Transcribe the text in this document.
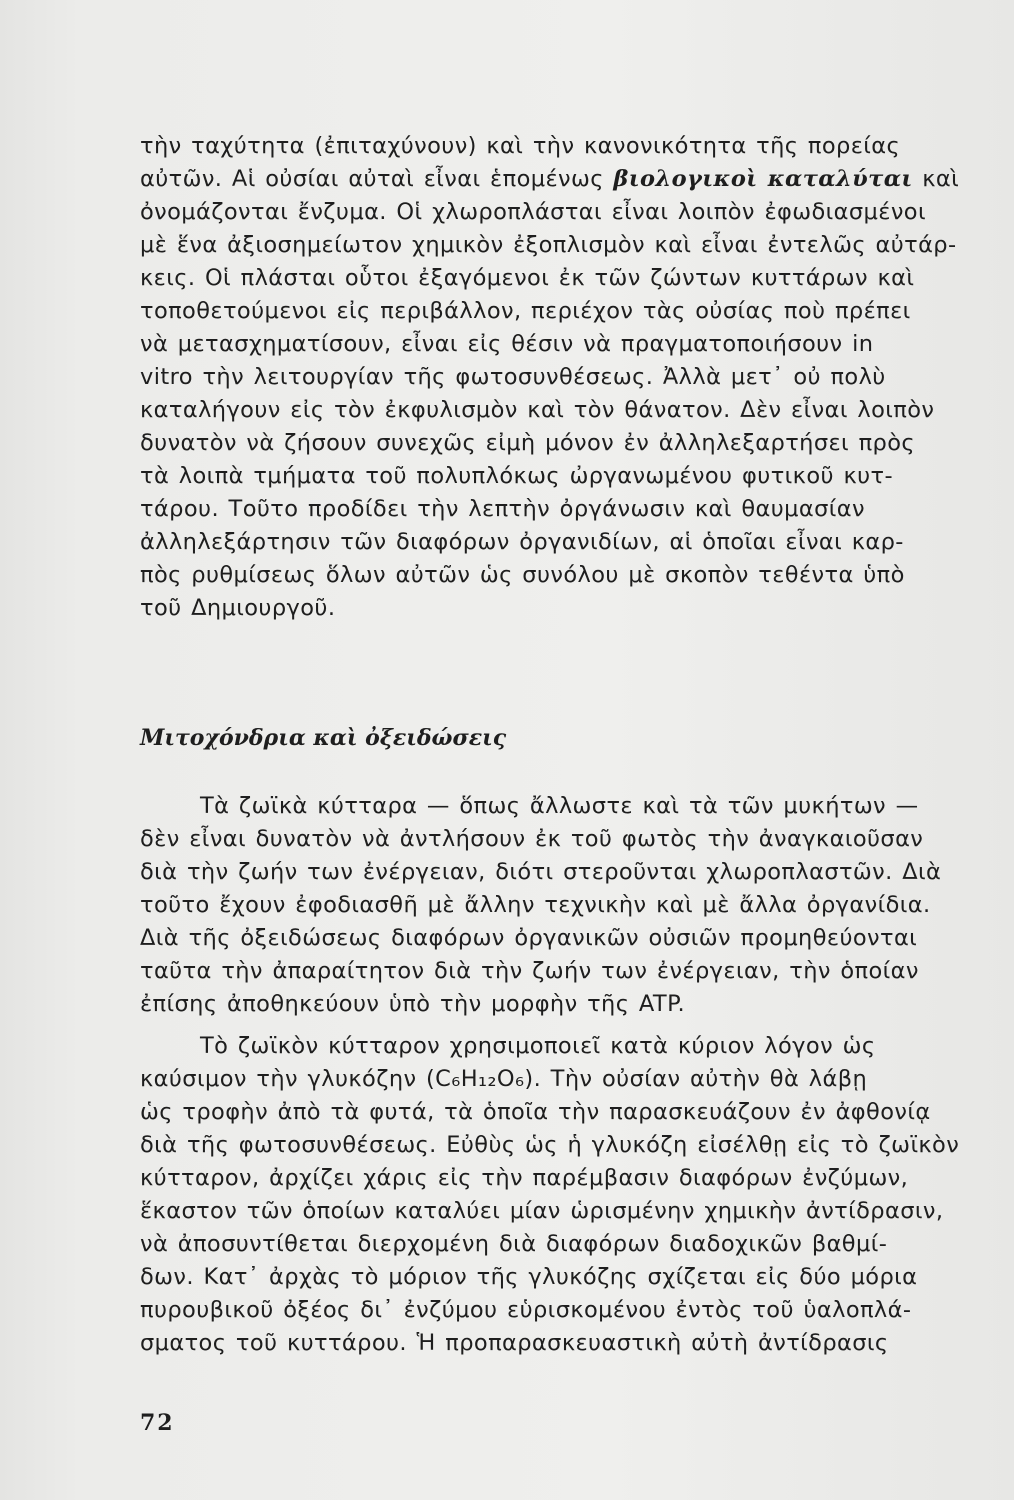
τὴν ταχύτητα (ἐπιταχύνουν) καὶ τὴν κανονικότητα τῆς πορείας
αὐτῶν. Αἱ οὐσίαι αὐταὶ εἶναι ἑπομένως βιολογικοὶ καταλύται καὶ
ὀνομάζονται ἔνζυμα. Οἱ χλωροπλάσται εἶναι λοιπὸν ἐφωδιασμένοι
μὲ ἕνα ἀξιοσημείωτον χημικὸν ἐξοπλισμὸν καὶ εἶναι ἐντελῶς αὐτάρ-
κεις. Οἱ πλάσται οὗτοι ἐξαγόμενοι ἐκ τῶν ζώντων κυττάρων καὶ
τοποθετούμενοι εἰς περιβάλλον, περιέχον τὰς οὐσίας ποὺ πρέπει
νὰ μετασχηματίσουν, εἶναι εἰς θέσιν νὰ πραγματοποιήσουν in
vitro τὴν λειτουργίαν τῆς φωτοσυνθέσεως. Ἀλλὰ μετ᾽ οὐ πολὺ
καταλήγουν εἰς τὸν ἐκφυλισμὸν καὶ τὸν θάνατον. Δὲν εἶναι λοιπὸν
δυνατὸν νὰ ζήσουν συνεχῶς εἰμὴ μόνον ἐν ἀλληλεξαρτήσει πρὸς
τὰ λοιπὰ τμήματα τοῦ πολυπλόκως ὠργανωμένου φυτικοῦ κυτ-
τάρου. Τοῦτο προδίδει τὴν λεπτὴν ὀργάνωσιν καὶ θαυμασίαν
ἀλληλεξάρτησιν τῶν διαφόρων ὀργανιδίων, αἱ ὁποῖαι εἶναι καρ-
πὸς ρυθμίσεως ὅλων αὐτῶν ὡς συνόλου μὲ σκοπὸν τεθέντα ὑπὸ
τοῦ Δημιουργοῦ.
Μιτοχόνδρια καὶ ὀξειδώσεις
Τὰ ζωϊκὰ κύτταρα — ὅπως ἄλλωστε καὶ τὰ τῶν μυκήτων —
δὲν εἶναι δυνατὸν νὰ ἀντλήσουν ἐκ τοῦ φωτὸς τὴν ἀναγκαιοῦσαν
διὰ τὴν ζωήν των ἐνέργειαν, διότι στεροῦνται χλωροπλαστῶν. Διὰ
τοῦτο ἔχουν ἐφοδιασθῆ μὲ ἄλλην τεχνικὴν καὶ μὲ ἄλλα ὀργανίδια.
Διὰ τῆς ὀξειδώσεως διαφόρων ὀργανικῶν οὐσιῶν προμηθεύονται
ταῦτα τὴν ἀπαραίτητον διὰ τὴν ζωήν των ἐνέργειαν, τὴν ὁποίαν
ἐπίσης ἀποθηκεύουν ὑπὸ τὴν μορφὴν τῆς ATP.
Τὸ ζωϊκὸν κύτταρον χρησιμοποιεῖ κατὰ κύριον λόγον ὡς
καύσιμον τὴν γλυκόζην (C₆H₁₂O₆). Τὴν οὐσίαν αὐτὴν θὰ λάβῃ
ὡς τροφὴν ἀπὸ τὰ φυτά, τὰ ὁποῖα τὴν παρασκευάζουν ἐν ἀφθονίᾳ
διὰ τῆς φωτοσυνθέσεως. Εὐθὺς ὡς ἡ γλυκόζη εἰσέλθῃ εἰς τὸ ζωϊκὸν
κύτταρον, ἀρχίζει χάρις εἰς τὴν παρέμβασιν διαφόρων ἐνζύμων,
ἕκαστον τῶν ὁποίων καταλύει μίαν ὡρισμένην χημικὴν ἀντίδρασιν,
νὰ ἀποσυντίθεται διερχομένη διὰ διαφόρων διαδοχικῶν βαθμί-
δων. Κατ᾽ ἀρχὰς τὸ μόριον τῆς γλυκόζης σχίζεται εἰς δύο μόρια
πυρουβικοῦ ὀξέος δι᾽ ἐνζύμου εὑρισκομένου ἐντὸς τοῦ ὑαλοπλά-
σματος τοῦ κυττάρου. Ἡ προπαρασκευαστικὴ αὐτὴ ἀντίδρασις
72
